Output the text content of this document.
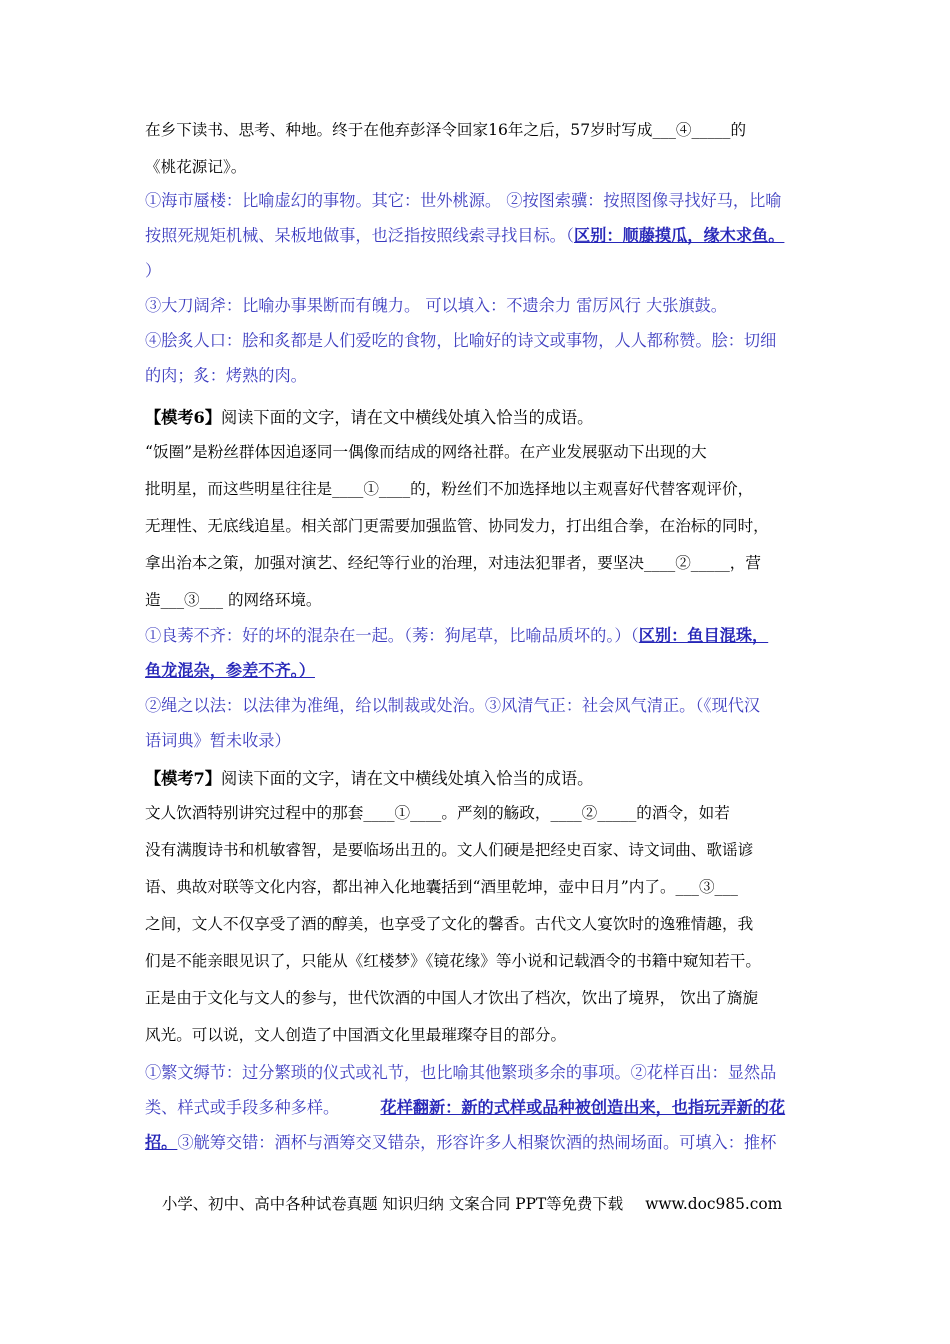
在乡下读书、思考、种地。终于在他弃彭泽令回家16年之后，57岁时写成___④_____的
《桃花源记》。
①海市蜃楼：比喻虚幻的事物。其它：世外桃源。 ②按图索骥：按照图像寻找好马，比喻
按照死规矩机械、呆板地做事，也泛指按照线索寻找目标。（区别：顺藤摸瓜，缘木求鱼。
）
③大刀阔斧：比喻办事果断而有魄力。 可以填入：不遗余力 雷厉风行 大张旗鼓。
④脍炙人口：脍和炙都是人们爱吃的食物，比喻好的诗文或事物，人人都称赞。脍：切细
的肉；炙：烤熟的肉。
【模考6】阅读下面的文字，请在文中横线处填入恰当的成语。
“饭圈”是粉丝群体因追逐同一偶像而结成的网络社群。在产业发展驱动下出现的大
批明星，而这些明星往往是____①____的，粉丝们不加选择地以主观喜好代替客观评价，
无理性、无底线追星。相关部门更需要加强监管、协同发力，打出组合拳，在治标的同时，
拿出治本之策，加强对演艺、经纪等行业的治理，对违法犯罪者，要坚决____②_____，营
造___③___ 的网络环境。
①良莠不齐：好的坏的混杂在一起。（莠：狗尾草，比喻品质坏的。）（区别：鱼目混珠，
鱼龙混杂，参差不齐。）
②绳之以法：以法律为准绳，给以制裁或处治。③风清气正：社会风气清正。（《现代汉
语词典》暂未收录）
【模考7】阅读下面的文字，请在文中横线处填入恰当的成语。
文人饮酒特别讲究过程中的那套____①____。严刻的觞政，____②_____的酒令，如若
没有满腹诗书和机敏睿智，是要临场出丑的。文人们硬是把经史百家、诗文词曲、歌谣谚
语、典故对联等文化内容，都出神入化地囊括到“酒里乾坤，壶中日月”内了。___③___
之间，文人不仅享受了酒的醇美，也享受了文化的馨香。古代文人宴饮时的逸雅情趣，我
们是不能亲眼见识了，只能从《红楼梦》《镜花缘》等小说和记载酒令的书籍中窥知若干。
正是由于文化与文人的参与，世代饮酒的中国人才饮出了档次，饮出了境界， 饮出了旖旎
风光。可以说，文人创造了中国酒文化里最璀璨夺目的部分。
①繁文缛节：过分繁琐的仪式或礼节，也比喻其他繁琐多余的事项。②花样百出：显然品
类、样式或手段多种多样。        花样翻新：新的式样或品种被创造出来，也指玩弄新的花
招。③觥筹交错：酒杯与酒筹交叉错杂，形容许多人相聚饮酒的热闹场面。可填入：推杯
小学、初中、高中各种试卷真题 知识归纳 文案合同 PPT等免费下载 www.doc985.com
